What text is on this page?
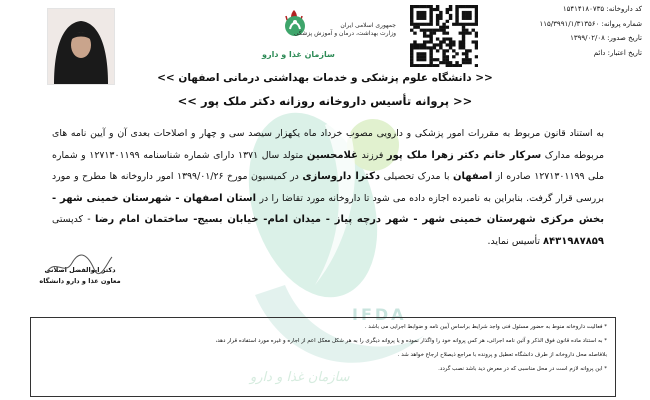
IFDA
سازمان غذا و دارو
جمهوری اسلامی ایران
وزارت بهداشت، درمان و آموزش پزشکی
سازمان غذا و دارو
کد داروخانه: ۱۵۴۱۴۱۸۰۷۳۵
شماره پروانه: ۱۱۵/۳۹۹۱/۱/۳۱۳۵۶۰
تاریخ صدور: ۱۳۹۹/۰۲/۰۸
تاریخ اعتبار: دائم
<< دانشگاه علوم پزشکی و خدمات بهداشتی درمانی اصفهان >>
<< پروانه تأسیس داروخانه روزانه دکتر ملک پور >>
به استناد قانون مربوط به مقررات امور پزشکی و دارویی مصوب خرداد ماه یکهزار سیصد سی و چهار و اصلاحات بعدی آن و آیین نامه های مربوطه مدارک سرکار خانم دکتر زهرا ملک پور فرزند غلامحسین متولد سال ۱۳۷۱ دارای شماره شناسنامه ۱۲۷۱۳۰۱۱۹۹ و شماره ملی ۱۲۷۱۳۰۱۱۹۹ صادره از اصفهان با مدرک تحصیلی دکترا داروسازی در کمیسیون مورخ ۱۳۹۹/۰۱/۲۶ امور داروخانه ها مطرح و مورد بررسی قرار گرفت. بنابراین به نامبرده اجازه داده می شود تا داروخانه مورد تقاضا را در استان اصفهان - شهرستان خمینی شهر - بخش مرکزی شهرستان خمینی شهر - شهر درچه پیاز - میدان امام- خیابان بسیج- ساختمان امام رضا - کدپستی ۸۴۳۱۹۸۷۸۵۹ تأسیس نماید.
دکتر ابوالفضل اصلانی
معاون غذا و دارو دانشگاه
* فعالیت داروخانه منوط به حضور مسئول فنی واجد شرایط براساس آیین نامه و ضوابط اجرایی می باشد .
* به استناد ماده قانون فوق الذکر و آئین نامه اجرائی، هر کس پروانه خود را واگذار نموده و یا پروانه دیگری را به هر شکل معکل اعم از اجاره و غیره مورد استفاده قرار دهد،
بلافاصله محل داروخانه از طرف دانشگاه تعطیل و پرونده با مراجع ذیصلاح ارجاع خواهد شد .
* این پروانه لازم است در محل مناسبی که در معرض دید باشد نصب گردد.
